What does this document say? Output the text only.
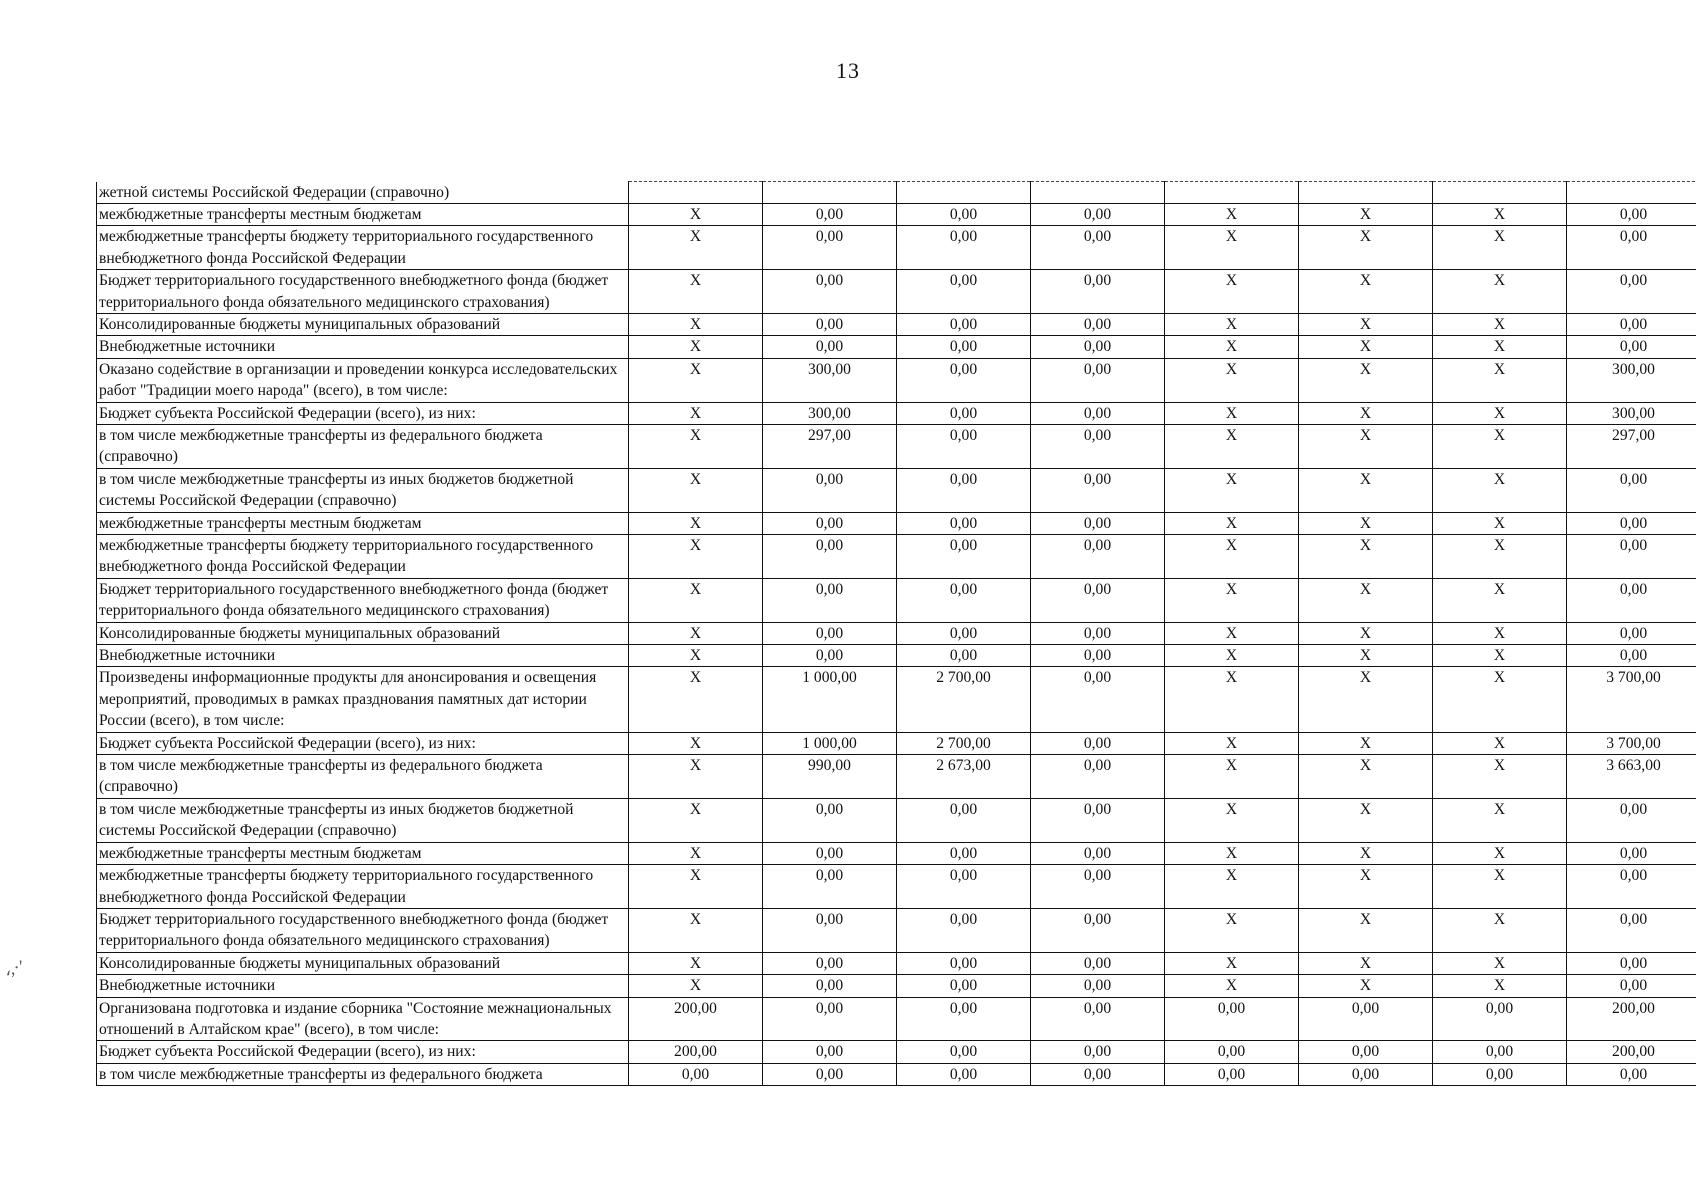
13
،,·'
жетной системы Российской Федерации (справочно)								
межбюджетные трансферты местным бюджетам	X	0,00	0,00	0,00	X	X	X	0,00
межбюджетные трансферты бюджету территориального государственного внебюджетного фонда Российской Федерации	X	0,00	0,00	0,00	X	X	X	0,00
Бюджет территориального государственного внебюджетного фонда (бюджет территориального фонда обязательного медицинского страхования)	X	0,00	0,00	0,00	X	X	X	0,00
Консолидированные бюджеты муниципальных образований	X	0,00	0,00	0,00	X	X	X	0,00
Внебюджетные источники	X	0,00	0,00	0,00	X	X	X	0,00
Оказано содействие в организации и проведении конкурса исследовательских работ "Традиции моего народа" (всего), в том числе:	X	300,00	0,00	0,00	X	X	X	300,00
Бюджет субъекта Российской Федерации (всего), из них:	X	300,00	0,00	0,00	X	X	X	300,00
в том числе межбюджетные трансферты из федерального бюджета (справочно)	X	297,00	0,00	0,00	X	X	X	297,00
в том числе межбюджетные трансферты из иных бюджетов бюджетной системы Российской Федерации (справочно)	X	0,00	0,00	0,00	X	X	X	0,00
межбюджетные трансферты местным бюджетам	X	0,00	0,00	0,00	X	X	X	0,00
межбюджетные трансферты бюджету территориального государственного внебюджетного фонда Российской Федерации	X	0,00	0,00	0,00	X	X	X	0,00
Бюджет территориального государственного внебюджетного фонда (бюджет территориального фонда обязательного медицинского страхования)	X	0,00	0,00	0,00	X	X	X	0,00
Консолидированные бюджеты муниципальных образований	X	0,00	0,00	0,00	X	X	X	0,00
Внебюджетные источники	X	0,00	0,00	0,00	X	X	X	0,00
Произведены информационные продукты для анонсирования и освещения мероприятий, проводимых в рамках празднования памятных дат истории России (всего), в том числе:	X	1 000,00	2 700,00	0,00	X	X	X	3 700,00
Бюджет субъекта Российской Федерации (всего), из них:	X	1 000,00	2 700,00	0,00	X	X	X	3 700,00
в том числе межбюджетные трансферты из федерального бюджета (справочно)	X	990,00	2 673,00	0,00	X	X	X	3 663,00
в том числе межбюджетные трансферты из иных бюджетов бюджетной системы Российской Федерации (справочно)	X	0,00	0,00	0,00	X	X	X	0,00
межбюджетные трансферты местным бюджетам	X	0,00	0,00	0,00	X	X	X	0,00
межбюджетные трансферты бюджету территориального государственного внебюджетного фонда Российской Федерации	X	0,00	0,00	0,00	X	X	X	0,00
Бюджет территориального государственного внебюджетного фонда (бюджет территориального фонда обязательного медицинского страхования)	X	0,00	0,00	0,00	X	X	X	0,00
Консолидированные бюджеты муниципальных образований	X	0,00	0,00	0,00	X	X	X	0,00
Внебюджетные источники	X	0,00	0,00	0,00	X	X	X	0,00
Организована подготовка и издание сборника "Состояние межнациональных отношений в Алтайском крае" (всего), в том числе:	200,00	0,00	0,00	0,00	0,00	0,00	0,00	200,00
Бюджет субъекта Российской Федерации (всего), из них:	200,00	0,00	0,00	0,00	0,00	0,00	0,00	200,00
в том числе межбюджетные трансферты из федерального бюджета	0,00	0,00	0,00	0,00	0,00	0,00	0,00	0,00
